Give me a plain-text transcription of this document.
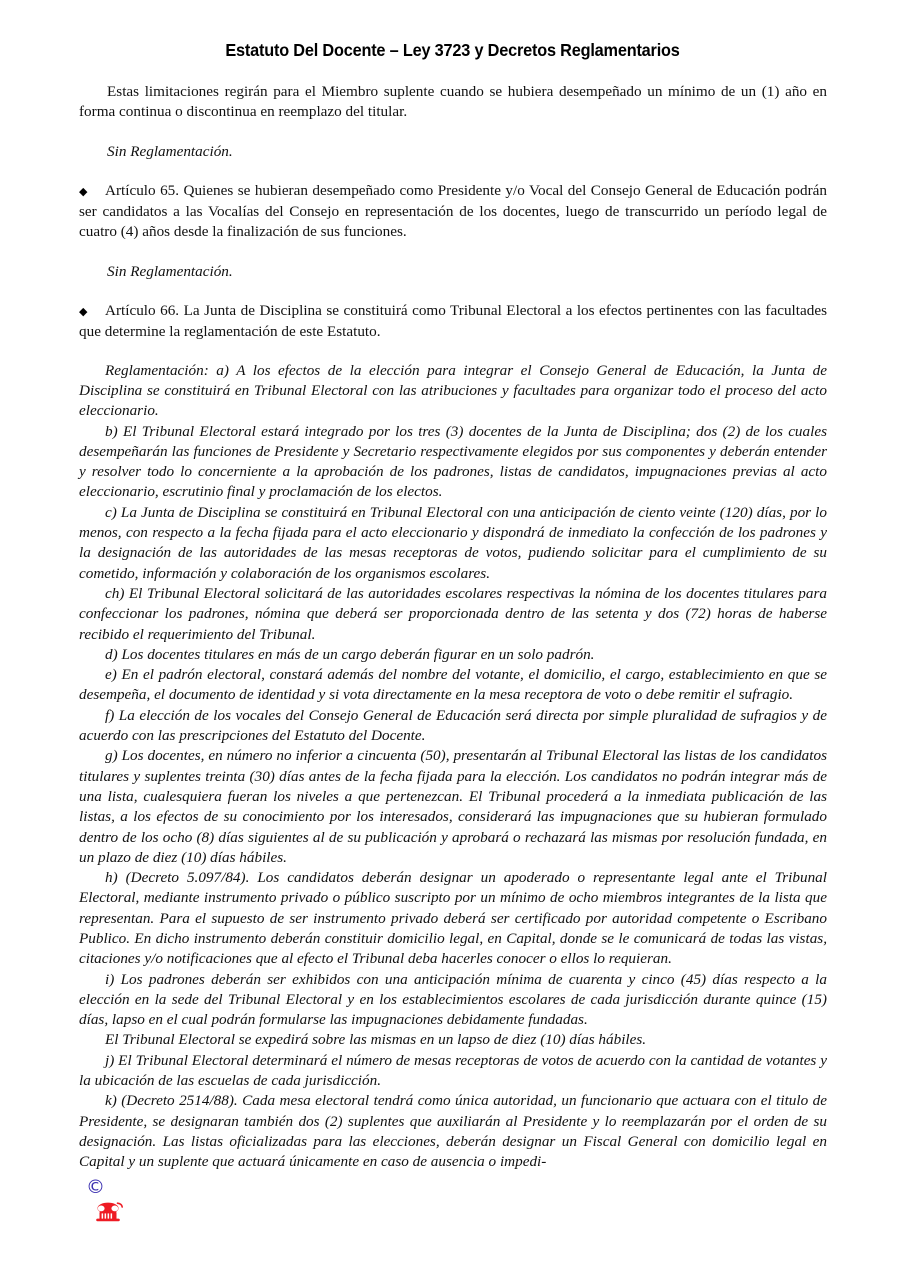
Estatuto Del Docente – Ley 3723 y Decretos Reglamentarios

Estas limitaciones regirán para el Miembro suplente cuando se hubiera desempeñado un mínimo de un (1) año en forma continua o discontinua en reemplazo del titular.

Sin Reglamentación.

◆ Artículo 65. Quienes se hubieran desempeñado como Presidente y/o Vocal del Consejo General de Educación podrán ser candidatos a las Vocalías del Consejo en representación de los docentes, luego de transcurrido un período legal de cuatro (4) años desde la finalización de sus funciones.

Sin Reglamentación.

◆ Artículo 66. La Junta de Disciplina se constituirá como Tribunal Electoral a los efectos pertinentes con las facultades que determine la reglamentación de este Estatuto.

Reglamentación: a) A los efectos de la elección para integrar el Consejo General de Educación, la Junta de Disciplina se constituirá en Tribunal Electoral con las atribuciones y facultades para organizar todo el proceso del acto eleccionario.

b) El Tribunal Electoral estará integrado por los tres (3) docentes de la Junta de Disciplina; dos (2) de los cuales desempeñarán las funciones de Presidente y Secretario respectivamente elegidos por sus componentes y deberán entender y resolver todo lo concerniente a la aprobación de los padrones, listas de candidatos, impugnaciones previas al acto eleccionario, escrutinio final y proclamación de los electos.

c) La Junta de Disciplina se constituirá en Tribunal Electoral con una anticipación de ciento veinte (120) días, por lo menos, con respecto a la fecha fijada para el acto eleccionario y dispondrá de inmediato la confección de los padrones y la designación de las autoridades de las mesas receptoras de votos, pudiendo solicitar para el cumplimiento de su cometido, información y colaboración de los organismos escolares.

ch) El Tribunal Electoral solicitará de las autoridades escolares respectivas la nómina de los docentes titulares para confeccionar los padrones, nómina que deberá ser proporcionada dentro de las setenta y dos (72) horas de haberse recibido el requerimiento del Tribunal.

d) Los docentes titulares en más de un cargo deberán figurar en un solo padrón.

e) En el padrón electoral, constará además del nombre del votante, el domicilio, el cargo, establecimiento en que se desempeña, el documento de identidad y si vota directamente en la mesa receptora de voto o debe remitir el sufragio.

f) La elección de los vocales del Consejo General de Educación será directa por simple pluralidad de sufragios y de acuerdo con las prescripciones del Estatuto del Docente.

g) Los docentes, en número no inferior a cincuenta (50), presentarán al Tribunal Electoral las listas de los candidatos titulares y suplentes treinta (30) días antes de la fecha fijada para la elección. Los candidatos no podrán integrar más de una lista, cualesquiera fueran los niveles a que pertenezcan. El Tribunal procederá a la inmediata publicación de las listas, a los efectos de su conocimiento por los interesados, considerará las impugnaciones que su hubieran formulado dentro de los ocho (8) días siguientes al de su publicación y aprobará o rechazará las mismas por resolución fundada, en un plazo de diez (10) días hábiles.

h) (Decreto 5.097/84). Los candidatos deberán designar un apoderado o representante legal ante el Tribunal Electoral, mediante instrumento privado o público suscripto por un mínimo de ocho miembros integrantes de la lista que representan. Para el supuesto de ser instrumento privado deberá ser certificado por autoridad competente o Escribano Publico. En dicho instrumento deberán constituir domicilio legal, en Capital, donde se le comunicará de todas las vistas, citaciones y/o notificaciones que al efecto el Tribunal deba hacerles conocer o ellos lo requieran.

i) Los padrones deberán ser exhibidos con una anticipación mínima de cuarenta y cinco (45) días respecto a la elección en la sede del Tribunal Electoral y en los establecimientos escolares de cada jurisdicción durante quince (15) días, lapso en el cual podrán formularse las impugnaciones debidamente fundadas.

El Tribunal Electoral se expedirá sobre las mismas en un lapso de diez (10) días hábiles.

j) El Tribunal Electoral determinará el número de mesas receptoras de votos de acuerdo con la cantidad de votantes y la ubicación de las escuelas de cada jurisdicción.

k) (Decreto 2514/88). Cada mesa electoral tendrá como única autoridad, un funcionario que actuara con el titulo de Presidente, se designaran también dos (2) suplentes que auxiliarán al Presidente y lo reemplazarán por el orden de su designación. Las listas oficializadas para las elecciones, deberán designar un Fiscal General con domicilio legal en Capital y un suplente que actuará únicamente en caso de ausencia o impedi-

©
